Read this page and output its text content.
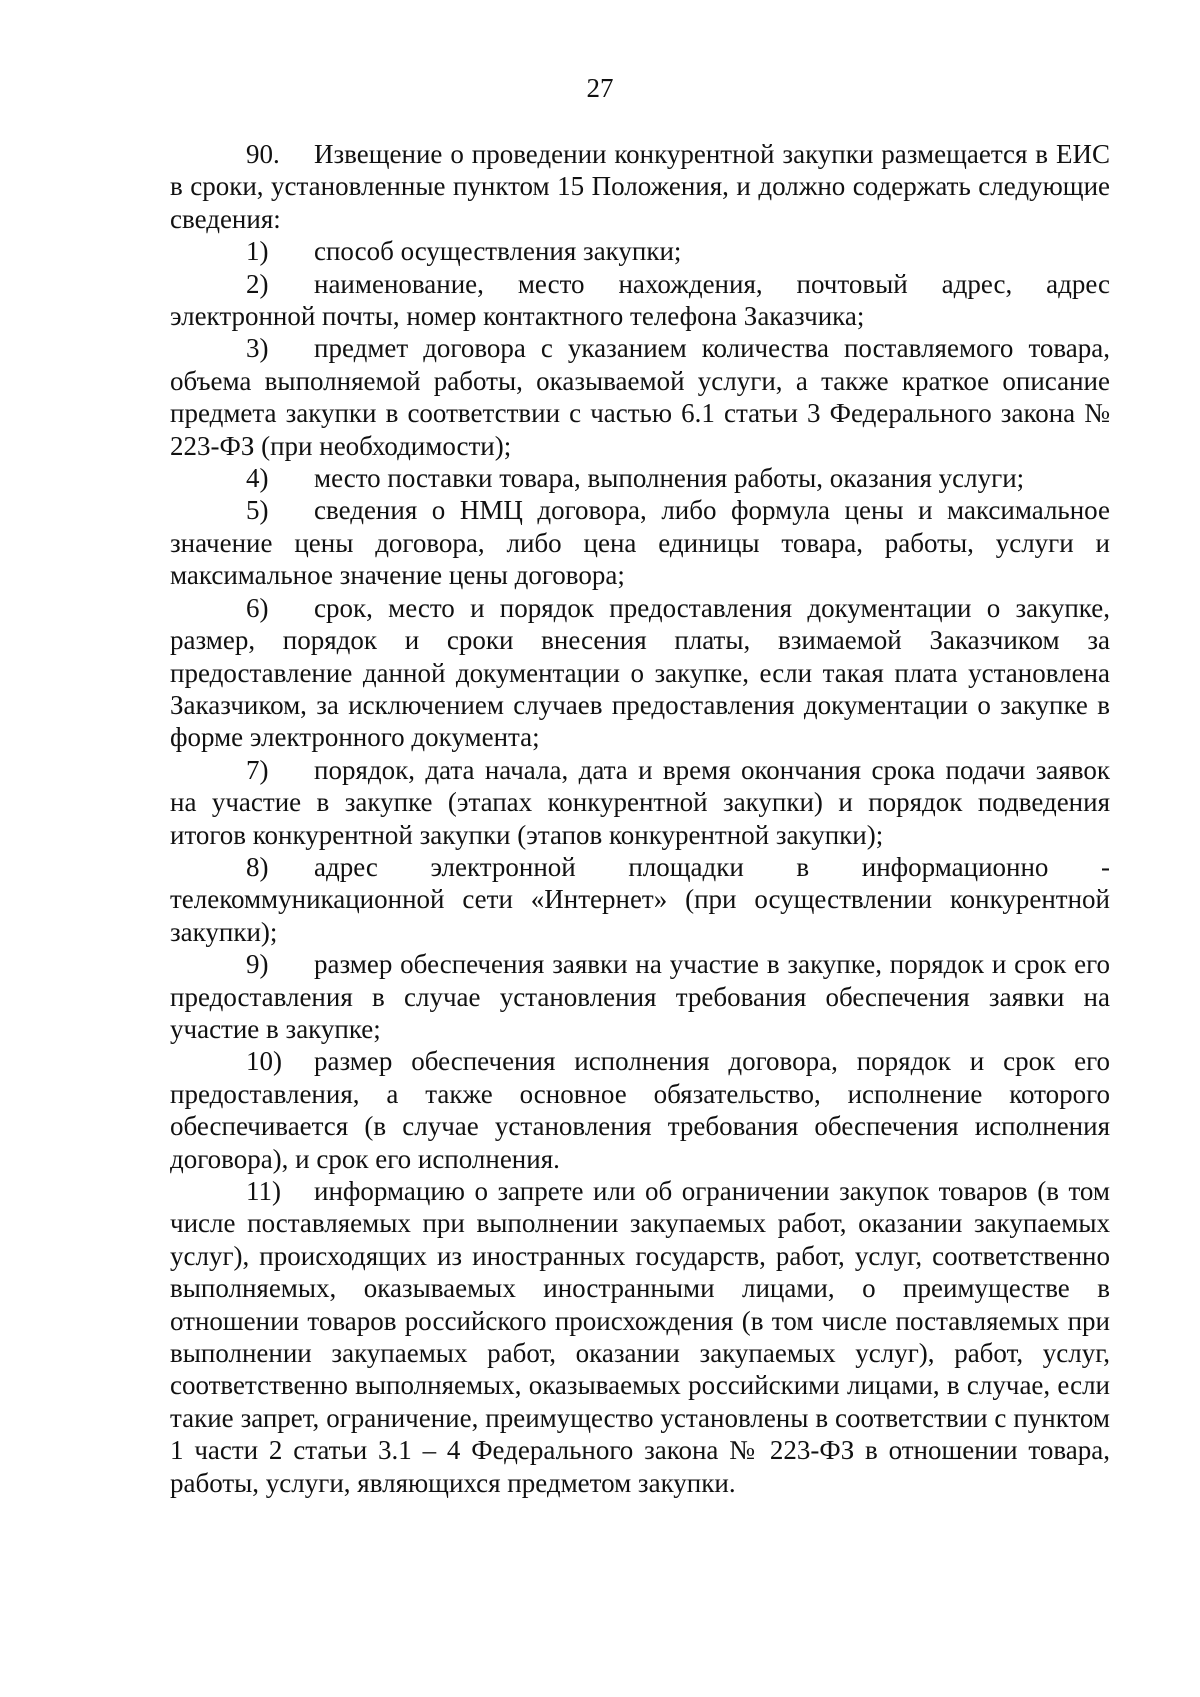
27

90. Извещение о проведении конкурентной закупки размещается в ЕИС в сроки, установленные пунктом 15 Положения, и должно содержать следующие сведения:

1) способ осуществления закупки;

2) наименование, место нахождения, почтовый адрес, адрес электронной почты, номер контактного телефона Заказчика;

3) предмет договора с указанием количества поставляемого товара, объема выполняемой работы, оказываемой услуги, а также краткое описание предмета закупки в соответствии с частью 6.1 статьи 3 Федерального закона № 223-ФЗ (при необходимости);

4) место поставки товара, выполнения работы, оказания услуги;

5) сведения о НМЦ договора, либо формула цены и максимальное значение цены договора, либо цена единицы товара, работы, услуги и максимальное значение цены договора;

6) срок, место и порядок предоставления документации о закупке, размер, порядок и сроки внесения платы, взимаемой Заказчиком за предоставление данной документации о закупке, если такая плата установлена Заказчиком, за исключением случаев предоставления документации о закупке в форме электронного документа;

7) порядок, дата начала, дата и время окончания срока подачи заявок на участие в закупке (этапах конкурентной закупки) и порядок подведения итогов конкурентной закупки (этапов конкурентной закупки);

8) адрес электронной площадки в информационно - телекоммуникационной сети «Интернет» (при осуществлении конкурентной закупки);

9) размер обеспечения заявки на участие в закупке, порядок и срок его предоставления в случае установления требования обеспечения заявки на участие в закупке;

10) размер обеспечения исполнения договора, порядок и срок его предоставления, а также основное обязательство, исполнение которого обеспечивается (в случае установления требования обеспечения исполнения договора), и срок его исполнения.

11) информацию о запрете или об ограничении закупок товаров (в том числе поставляемых при выполнении закупаемых работ, оказании закупаемых услуг), происходящих из иностранных государств, работ, услуг, соответственно выполняемых, оказываемых иностранными лицами, о преимуществе в отношении товаров российского происхождения (в том числе поставляемых при выполнении закупаемых работ, оказании закупаемых услуг), работ, услуг, соответственно выполняемых, оказываемых российскими лицами, в случае, если такие запрет, ограничение, преимущество установлены в соответствии с пунктом 1 части 2 статьи 3.1 – 4 Федерального закона № 223-ФЗ в отношении товара, работы, услуги, являющихся предметом закупки.
